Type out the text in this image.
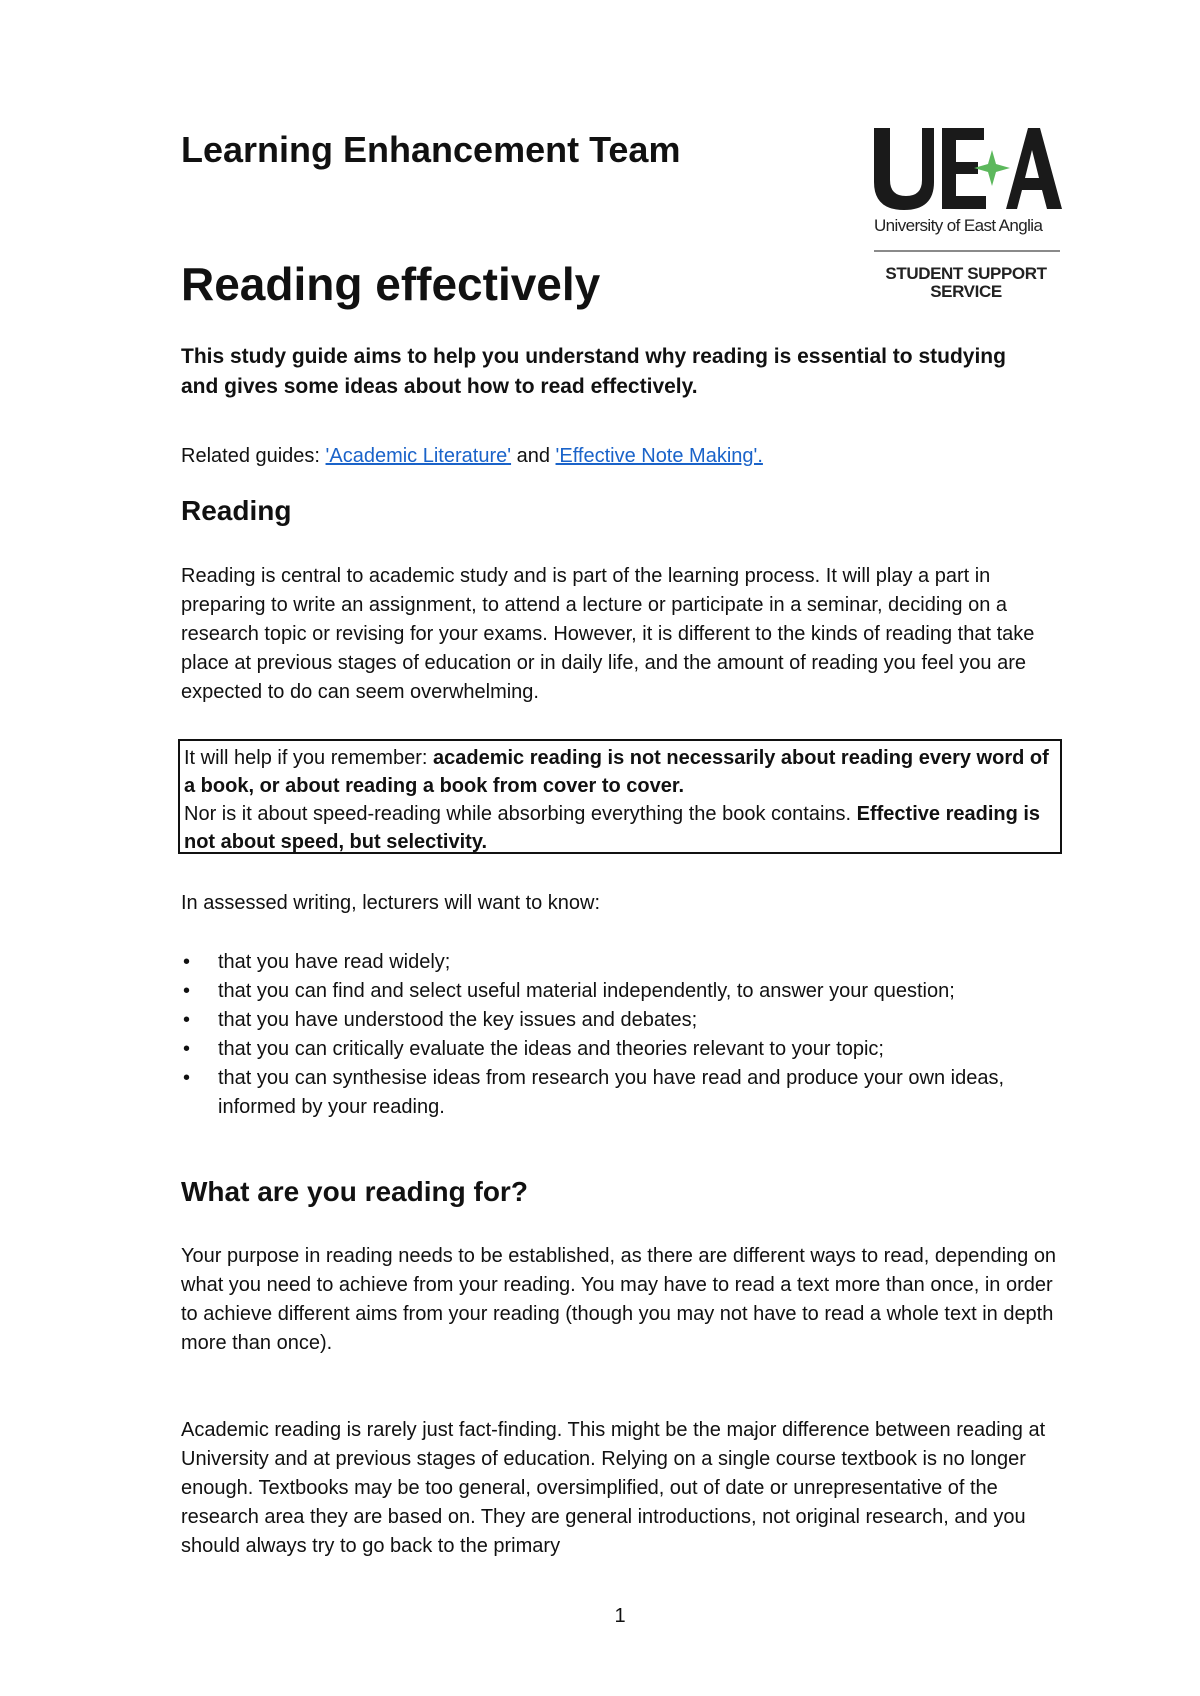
Learning Enhancement Team
Reading effectively
University of East Anglia
STUDENT SUPPORT
SERVICE

This study guide aims to help you understand why reading is essential to studying and gives some ideas about how to read effectively.

Related guides: 'Academic Literature' and 'Effective Note Making'.

Reading

Reading is central to academic study and is part of the learning process. It will play a part in preparing to write an assignment, to attend a lecture or participate in a seminar, deciding on a research topic or revising for your exams. However, it is different to the kinds of reading that take place at previous stages of education or in daily life, and the amount of reading you feel you are expected to do can seem overwhelming.

It will help if you remember: academic reading is not necessarily about reading every word of a book, or about reading a book from cover to cover.
Nor is it about speed-reading while absorbing everything the book contains. Effective reading is not about speed, but selectivity.

In assessed writing, lecturers will want to know:

• that you have read widely;
• that you can find and select useful material independently, to answer your question;
• that you have understood the key issues and debates;
• that you can critically evaluate the ideas and theories relevant to your topic;
• that you can synthesise ideas from research you have read and produce your own ideas, informed by your reading.
What are you reading for?

Your purpose in reading needs to be established, as there are different ways to read, depending on what you need to achieve from your reading. You may have to read a text more than once, in order to achieve different aims from your reading (though you may not have to read a whole text in depth more than once).

Academic reading is rarely just fact-finding. This might be the major difference between reading at University and at previous stages of education. Relying on a single course textbook is no longer enough. Textbooks may be too general, oversimplified, out of date or unrepresentative of the research area they are based on. They are general introductions, not original research, and you should always try to go back to the primary

1
